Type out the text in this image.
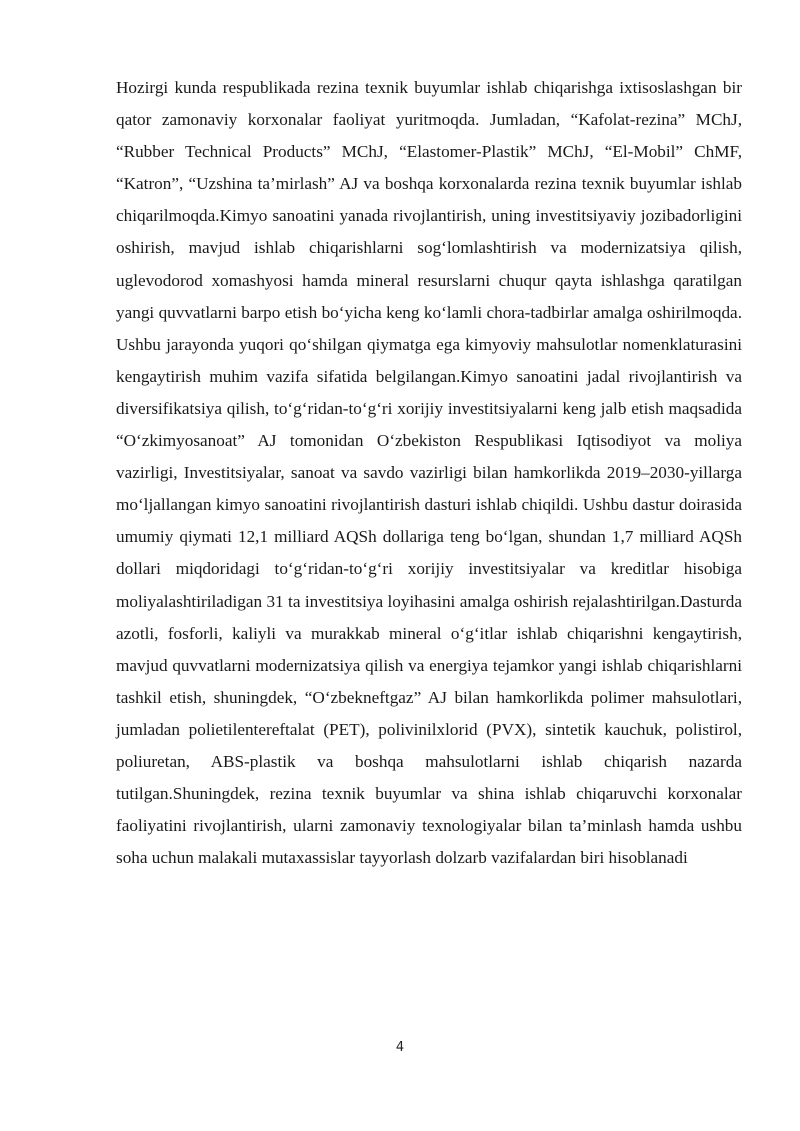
Hozirgi kunda respublikada rezina texnik buyumlar ishlab chiqarishga ixtisoslashgan bir qator zamonaviy korxonalar faoliyat yuritmoqda. Jumladan, “Kafolat-rezina” MChJ, “Rubber Technical Products” MChJ, “Elastomer-Plastik” MChJ, “El-Mobil” ChMF, “Katron”, “Uzshina ta’mirlash” AJ va boshqa korxonalarda rezina texnik buyumlar ishlab chiqarilmoqda.Kimyo sanoatini yanada rivojlantirish, uning investitsiyaviy jozibadorligini oshirish, mavjud ishlab chiqarishlarni sog‘lomlashtirish va modernizatsiya qilish, uglevodorod xomashyosi hamda mineral resurslarni chuqur qayta ishlashga qaratilgan yangi quvvatlarni barpo etish bo‘yicha keng ko‘lamli chora-tadbirlar amalga oshirilmoqda. Ushbu jarayonda yuqori qo‘shilgan qiymatga ega kimyoviy mahsulotlar nomenklaturasini kengaytirish muhim vazifa sifatida belgilangan.Kimyo sanoatini jadal rivojlantirish va diversifikatsiya qilish, to‘g‘ridan-to‘g‘ri xorijiy investitsiyalarni keng jalb etish maqsadida “O‘zkimyosanoat” AJ tomonidan O‘zbekiston Respublikasi Iqtisodiyot va moliya vazirligi, Investitsiyalar, sanoat va savdo vazirligi bilan hamkorlikda 2019–2030-yillarga mo‘ljallangan kimyo sanoatini rivojlantirish dasturi ishlab chiqildi. Ushbu dastur doirasida umumiy qiymati 12,1 milliard AQSh dollariga teng bo‘lgan, shundan 1,7 milliard AQSh dollari miqdoridagi to‘g‘ridan-to‘g‘ri xorijiy investitsiyalar va kreditlar hisobiga moliyalashtiriladigan 31 ta investitsiya loyihasini amalga oshirish rejalashtirilgan.Dasturda azotli, fosforli, kaliyli va murakkab mineral o‘g‘itlar ishlab chiqarishni kengaytirish, mavjud quvvatlarni modernizatsiya qilish va energiya tejamkor yangi ishlab chiqarishlarni tashkil etish, shuningdek, “O‘zbekneftgaz” AJ bilan hamkorlikda polimer mahsulotlari, jumladan polietilentereftalat (PET), polivinilxlorid (PVX), sintetik kauchuk, polistirol, poliuretan, ABS-plastik va boshqa mahsulotlarni ishlab chiqarish nazarda tutilgan.Shuningdek, rezina texnik buyumlar va shina ishlab chiqaruvchi korxonalar faoliyatini rivojlantirish, ularni zamonaviy texnologiyalar bilan ta’minlash hamda ushbu soha uchun malakali mutaxassislar tayyorlash dolzarb vazifalardan biri hisoblanadi

4
